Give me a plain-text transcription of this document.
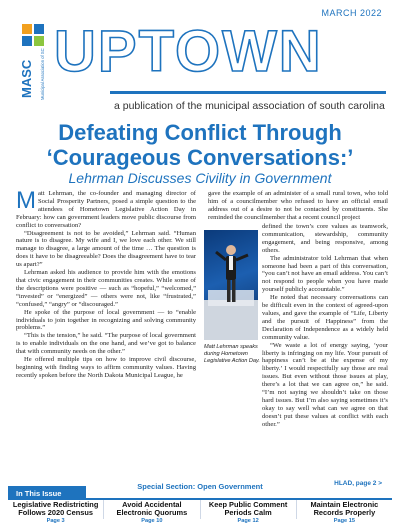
MARCH 2022
MASC Municipal Association of SC UPTOWN
a publication of the municipal association of south carolina
Defeating Conflict Through
‘Courageous Conversations:’
Lehrman Discusses Civility in Government

Matt Lehrman, the co-founder and managing director of Social Prosperity Partners, posed a simple question to the attendees of Hometown Legislative Action Day in February: how can government leaders move public discourse from conflict to conversation?

“Disagreement is not to be avoided,” Lehrman said. “Human nature is to disagree. My wife and I, we love each other. We still manage to disagree, a large amount of the time … The question is does it have to be disagreeable? Does the disagreement have to tear us apart?”

Lehrman asked his audience to provide him with the emotions that civic engagement in their communities creates. While some of the descriptions were positive — such as “hopeful,” “welcomed,” “invested” or “energized” — others were not, like “frustrated,” “confused,” “angry” or “discouraged.”

He spoke of the purpose of local government — to “enable individuals to join together in recognizing and solving community problems.”

“This is the tension,” he said. “The purpose of local government is to enable individuals on the one hand, and we’ve got to balance that with community needs on the other.”

He offered multiple tips on how to improve civil discourse, beginning with finding ways to affirm community values. Having recently spoken before the North Dakota Municipal League, he

gave the example of an administer of a small rural town, who told him of a councilmember who refused to have an official email address out of a desire to not be contacted by constituents. She reminded the councilmember that a recent council project

Matt Lehrman speaks during Hometown Legislative Action Day.

defined the town’s core values as teamwork, communication, stewardship, community engagement, and being responsive, among others.

The administrator told Lehrman that when someone had been a part of this conversation, “you can’t not have an email address. You can’t not respond to people when you have made yourself publicly accountable.”

He noted that necessary conversations can be difficult even in the context of agreed-upon values, and gave the example of “Life, Liberty and the pursuit of Happiness” from the Declaration of Independence as a widely held community value.

“We waste a lot of energy saying, ‘your liberty is infringing on my life. Your pursuit of happiness can’t be at the expense of my liberty.’ I would respectfully say those are real issues. But even without those issues at play, there’s a lot that we can agree on,” he said. “I’m not saying we shouldn’t take on those hard issues. But I’m also saying sometimes it’s okay to say well what can we agree on that doesn’t put these values at conflict with each other.”

HLAD, page 2 >
In This Issue
Special Section: Open Government
Legislative Redistricting Follows 2020 Census
Page 3
Avoid Accidental Electronic Quorums
Page 10
Keep Public Comment Periods Calm
Page 12
Maintain Electronic Records Properly
Page 15
